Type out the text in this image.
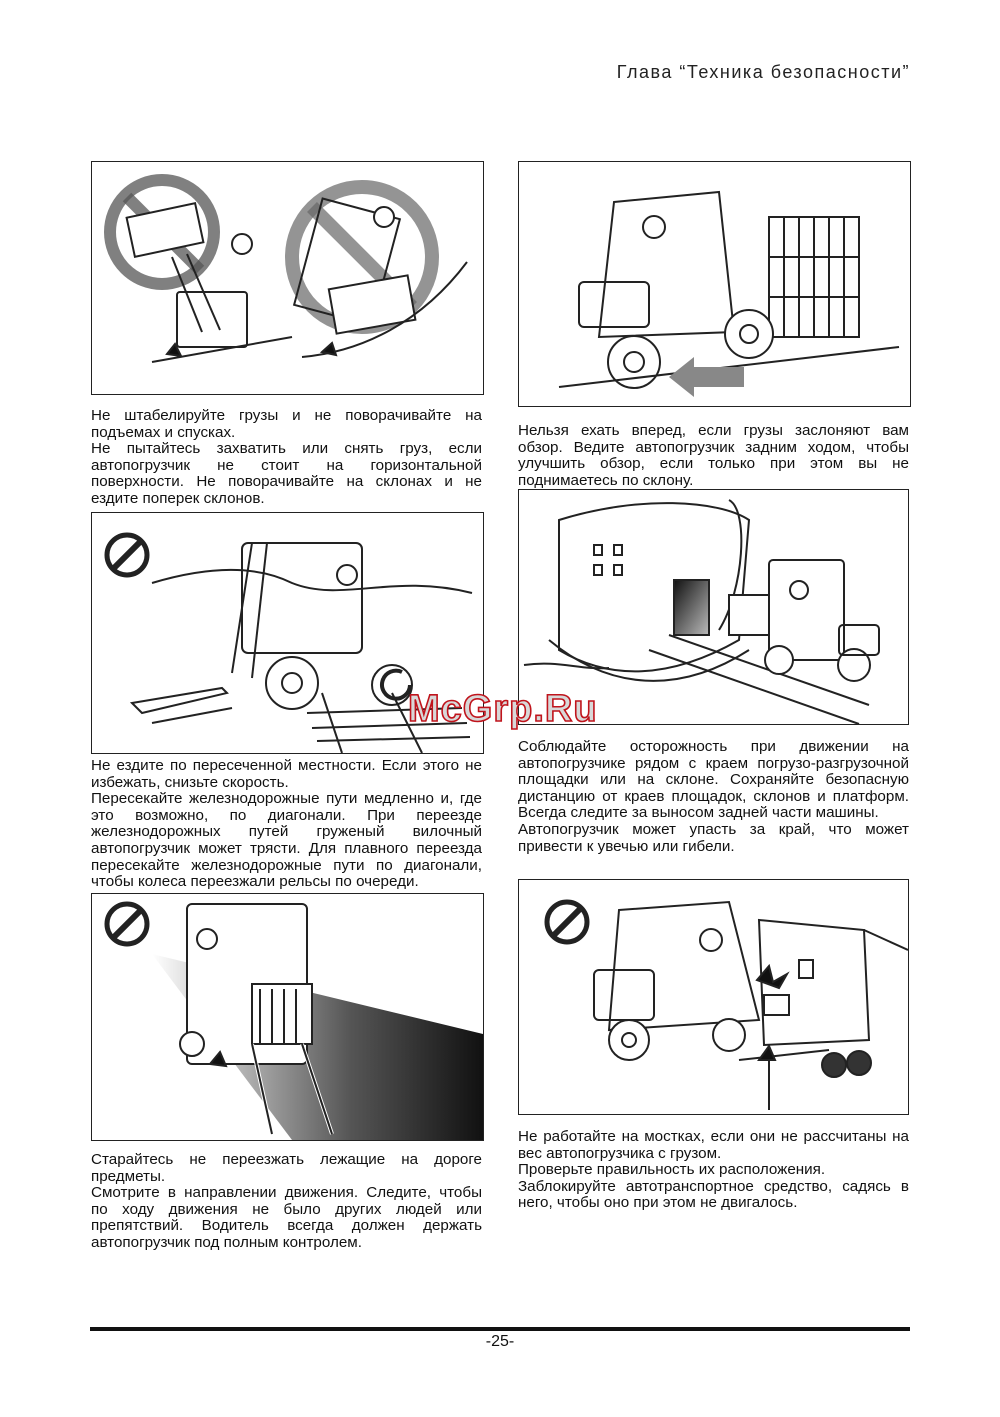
Глава “Техника безопасности”

Не штабелируйте грузы и не поворачивайте на подъемах и спусках.

Не пытайтесь захватить или снять груз, если автопогрузчик не стоит на горизонтальной поверхности. Не поворачивайте на склонах и не ездите поперек склонов.

Не ездите по пересеченной местности. Если этого не избежать, снизьте скорость.

Пересекайте железнодорожные пути медленно и, где это возможно, по диагонали. При переезде железнодорожных путей груженый вилочный автопогрузчик может трясти. Для плавного переезда пересекайте железнодорожные пути по диагонали, чтобы колеса переезжали рельсы по очереди.

Старайтесь не переезжать лежащие на дороге предметы.

Смотрите в направлении движения. Следите, чтобы по ходу движения не было других людей или препятствий. Водитель всегда должен держать автопогрузчик под полным контролем.

Нельзя ехать вперед, если грузы заслоняют вам обзор. Ведите автопогрузчик задним ходом, чтобы улучшить обзор, если только при этом вы не поднимаетесь по склону.

McGrp.Ru

Соблюдайте осторожность при движении на автопогрузчике рядом с краем погрузо-разгрузочной площадки или на склоне. Сохраняйте безопасную дистанцию от краев площадок, склонов и платформ. Всегда следите за выносом задней части машины.

Автопогрузчик может упасть за край, что может привести к увечью или гибели.

Не работайте на мостках, если они не рассчитаны на вес автопогрузчика с грузом.

Проверьте правильность их расположения.

Заблокируйте автотранспортное средство, садясь в него, чтобы оно при этом не двигалось.

-25-
